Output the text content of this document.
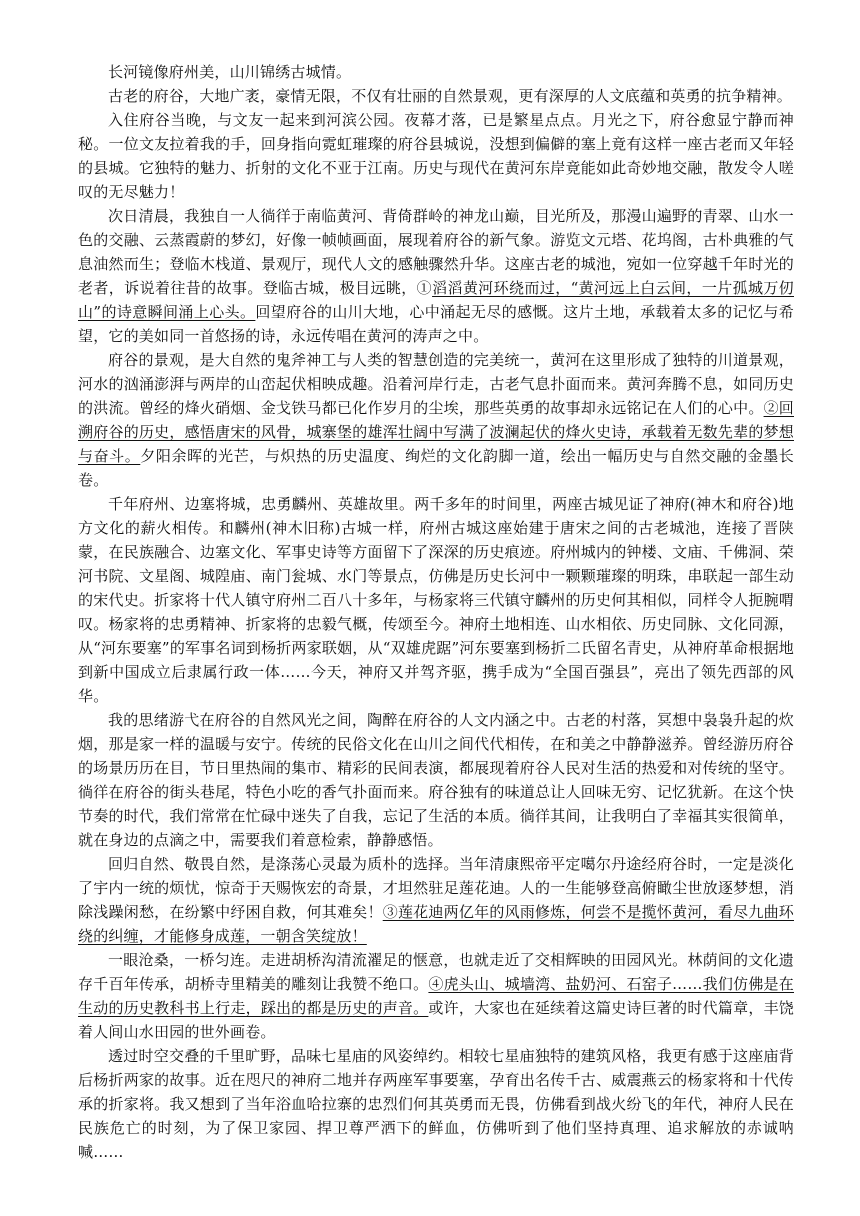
长河镜像府州美，山川锦绣古城情。

古老的府谷，大地广袤，豪情无限，不仅有壮丽的自然景观，更有深厚的人文底蕴和英勇的抗争精神。

入住府谷当晚，与文友一起来到河滨公园。夜幕才落，已是繁星点点。月光之下，府谷愈显宁静而神秘。一位文友拉着我的手，回身指向霓虹璀璨的府谷县城说，没想到偏僻的塞上竟有这样一座古老而又年轻的县城。它独特的魅力、折射的文化不亚于江南。历史与现代在黄河东岸竟能如此奇妙地交融，散发令人嗟叹的无尽魅力！

次日清晨，我独自一人徜徉于南临黄河、背倚群岭的神龙山巅，目光所及，那漫山遍野的青翠、山水一色的交融、云蒸霞蔚的梦幻，好像一帧帧画面，展现着府谷的新气象。游览文元塔、花坞阁，古朴典雅的气息油然而生；登临木栈道、景观厅，现代人文的感触骤然升华。这座古老的城池，宛如一位穿越千年时光的老者，诉说着往昔的故事。登临古城，极目远眺，①滔滔黄河环绕而过，“黄河远上白云间，一片孤城万仞山”的诗意瞬间涌上心头。回望府谷的山川大地，心中涌起无尽的感慨。这片土地，承载着太多的记忆与希望，它的美如同一首悠扬的诗，永远传唱在黄河的涛声之中。

府谷的景观，是大自然的鬼斧神工与人类的智慧创造的完美统一，黄河在这里形成了独特的川道景观，河水的汹涌澎湃与两岸的山峦起伏相映成趣。沿着河岸行走，古老气息扑面而来。黄河奔腾不息，如同历史的洪流。曾经的烽火硝烟、金戈铁马都已化作岁月的尘埃，那些英勇的故事却永远铭记在人们的心中。②回溯府谷的历史，感悟唐宋的风骨，城寨堡的雄浑壮阔中写满了波澜起伏的烽火史诗，承载着无数先辈的梦想与奋斗。夕阳余晖的光芒，与炽热的历史温度、绚烂的文化韵脚一道，绘出一幅历史与自然交融的金墨长卷。

千年府州、边塞将城，忠勇麟州、英雄故里。两千多年的时间里，两座古城见证了神府(神木和府谷)地方文化的薪火相传。和麟州(神木旧称)古城一样，府州古城这座始建于唐宋之间的古老城池，连接了晋陕蒙，在民族融合、边塞文化、军事史诗等方面留下了深深的历史痕迹。府州城内的钟楼、文庙、千佛洞、荣河书院、文星阁、城隍庙、南门瓮城、水门等景点，仿佛是历史长河中一颗颗璀璨的明珠，串联起一部生动的宋代史。折家将十代人镇守府州二百八十多年，与杨家将三代镇守麟州的历史何其相似，同样令人扼腕喟叹。杨家将的忠勇精神、折家将的忠毅气概，传颂至今。神府土地相连、山水相依、历史同脉、文化同源，从“河东要塞”的军事名词到杨折两家联姻，从“双雄虎踞”河东要塞到杨折二氏留名青史，从神府革命根据地到新中国成立后隶属行政一体……今天，神府又并驾齐驱，携手成为“全国百强县”，亮出了领先西部的风华。

我的思绪游弋在府谷的自然风光之间，陶醉在府谷的人文内涵之中。古老的村落，冥想中袅袅升起的炊烟，那是家一样的温暖与安宁。传统的民俗文化在山川之间代代相传，在和美之中静静滋养。曾经游历府谷的场景历历在目，节日里热闹的集市、精彩的民间表演，都展现着府谷人民对生活的热爱和对传统的坚守。徜徉在府谷的街头巷尾，特色小吃的香气扑面而来。府谷独有的味道总让人回味无穷、记忆犹新。在这个快节奏的时代，我们常常在忙碌中迷失了自我，忘记了生活的本质。徜徉其间，让我明白了幸福其实很简单，就在身边的点滴之中，需要我们着意检索，静静感悟。

回归自然、敬畏自然，是涤荡心灵最为质朴的选择。当年清康熙帝平定噶尔丹途经府谷时，一定是淡化了宇内一统的烦忧，惊奇于天赐恢宏的奇景，才坦然驻足莲花迪。人的一生能够登高俯瞰尘世放逐梦想，消除浅躁闲愁，在纷繁中纾困自救，何其难矣！③莲花迪两亿年的风雨修炼，何尝不是揽怀黄河，看尽九曲环绕的纠缠，才能修身成莲，一朝含笑绽放！

一眼沧桑，一桥匀连。走进胡桥沟清流濯足的惬意，也就走近了交相辉映的田园风光。林荫间的文化遗存千百年传承，胡桥寺里精美的雕刻让我赞不绝口。④虎头山、城墙湾、盐奶河、石窑子……我们仿佛是在生动的历史教科书上行走，踩出的都是历史的声音。或许，大家也在延续着这篇史诗巨著的时代篇章，丰饶着人间山水田园的世外画卷。

透过时空交叠的千里旷野，品味七星庙的风姿绰约。相较七星庙独特的建筑风格，我更有感于这座庙背后杨折两家的故事。近在咫尺的神府二地并存两座军事要塞，孕育出名传千古、威震燕云的杨家将和十代传承的折家将。我又想到了当年浴血哈拉寨的忠烈们何其英勇而无畏，仿佛看到战火纷飞的年代，神府人民在民族危亡的时刻，为了保卫家园、捍卫尊严洒下的鲜血，仿佛听到了他们坚持真理、追求解放的赤诚呐喊……
